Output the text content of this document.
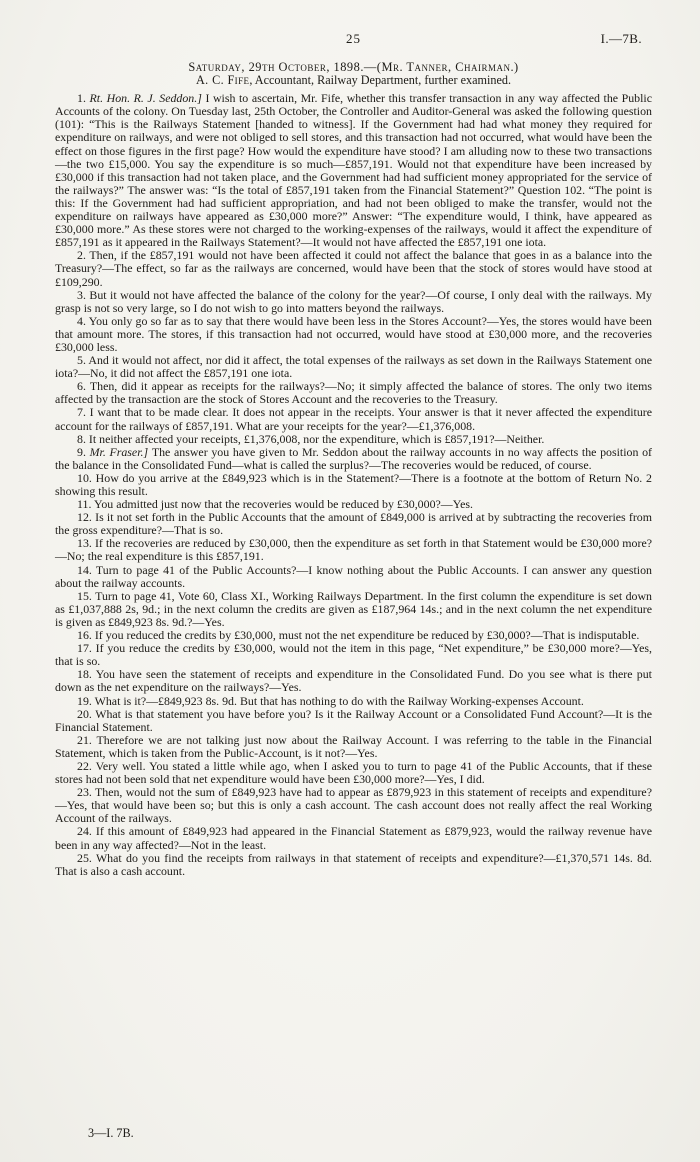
25	I.—7B.
Saturday, 29th October, 1898.—(Mr. Tanner, Chairman.)
A. C. Fife, Accountant, Railway Department, further examined.

1. Rt. Hon. R. J. Seddon.] I wish to ascertain, Mr. Fife, whether this transfer transaction in any way affected the Public Accounts of the colony. On Tuesday last, 25th October, the Controller and Auditor-General was asked the following question (101): “This is the Railways Statement [handed to witness]. If the Government had had what money they required for expenditure on railways, and were not obliged to sell stores, and this transaction had not occurred, what would have been the effect on those figures in the first page? How would the expenditure have stood? I am alluding now to these two transactions—the two £15,000. You say the expenditure is so much—£857,191. Would not that expenditure have been increased by £30,000 if this transaction had not taken place, and the Government had had sufficient money appropriated for the service of the railways?” The answer was: “Is the total of £857,191 taken from the Financial Statement?” Question 102. “The point is this: If the Government had had sufficient appropriation, and had not been obliged to make the transfer, would not the expenditure on railways have appeared as £30,000 more?” Answer: “The expenditure would, I think, have appeared as £30,000 more.” As these stores were not charged to the working-expenses of the railways, would it affect the expenditure of £857,191 as it appeared in the Railways Statement?—It would not have affected the £857,191 one iota.

2. Then, if the £857,191 would not have been affected it could not affect the balance that goes in as a balance into the Treasury?—The effect, so far as the railways are concerned, would have been that the stock of stores would have stood at £109,290.

3. But it would not have affected the balance of the colony for the year?—Of course, I only deal with the railways. My grasp is not so very large, so I do not wish to go into matters beyond the railways.

4. You only go so far as to say that there would have been less in the Stores Account?—Yes, the stores would have been that amount more. The stores, if this transaction had not occurred, would have stood at £30,000 more, and the recoveries £30,000 less.

5. And it would not affect, nor did it affect, the total expenses of the railways as set down in the Railways Statement one iota?—No, it did not affect the £857,191 one iota.

6. Then, did it appear as receipts for the railways?—No; it simply affected the balance of stores. The only two items affected by the transaction are the stock of Stores Account and the recoveries to the Treasury.

7. I want that to be made clear. It does not appear in the receipts. Your answer is that it never affected the expenditure account for the railways of £857,191. What are your receipts for the year?—£1,376,008.

8. It neither affected your receipts, £1,376,008, nor the expenditure, which is £857,191?—Neither.

9. Mr. Fraser.] The answer you have given to Mr. Seddon about the railway accounts in no way affects the position of the balance in the Consolidated Fund—what is called the surplus?—The recoveries would be reduced, of course.

10. How do you arrive at the £849,923 which is in the Statement?—There is a footnote at the bottom of Return No. 2 showing this result.

11. You admitted just now that the recoveries would be reduced by £30,000?—Yes.

12. Is it not set forth in the Public Accounts that the amount of £849,000 is arrived at by subtracting the recoveries from the gross expenditure?—That is so.

13. If the recoveries are reduced by £30,000, then the expenditure as set forth in that Statement would be £30,000 more?—No; the real expenditure is this £857,191.

14. Turn to page 41 of the Public Accounts?—I know nothing about the Public Accounts. I can answer any question about the railway accounts.

15. Turn to page 41, Vote 60, Class XI., Working Railways Department. In the first column the expenditure is set down as £1,037,888 2s, 9d.; in the next column the credits are given as £187,964 14s.; and in the next column the net expenditure is given as £849,923 8s. 9d.?—Yes.

16. If you reduced the credits by £30,000, must not the net expenditure be reduced by £30,000?—That is indisputable.

17. If you reduce the credits by £30,000, would not the item in this page, “Net expenditure,” be £30,000 more?—Yes, that is so.

18. You have seen the statement of receipts and expenditure in the Consolidated Fund. Do you see what is there put down as the net expenditure on the railways?—Yes.

19. What is it?—£849,923 8s. 9d. But that has nothing to do with the Railway Working-expenses Account.

20. What is that statement you have before you? Is it the Railway Account or a Consolidated Fund Account?—It is the Financial Statement.

21. Therefore we are not talking just now about the Railway Account. I was referring to the table in the Financial Statement, which is taken from the Public-Account, is it not?—Yes.

22. Very well. You stated a little while ago, when I asked you to turn to page 41 of the Public Accounts, that if these stores had not been sold that net expenditure would have been £30,000 more?—Yes, I did.

23. Then, would not the sum of £849,923 have had to appear as £879,923 in this statement of receipts and expenditure?—Yes, that would have been so; but this is only a cash account. The cash account does not really affect the real Working Account of the railways.

24. If this amount of £849,923 had appeared in the Financial Statement as £879,923, would the railway revenue have been in any way affected?—Not in the least.

25. What do you find the receipts from railways in that statement of receipts and expenditure?—£1,370,571 14s. 8d. That is also a cash account.

3—I. 7B.
